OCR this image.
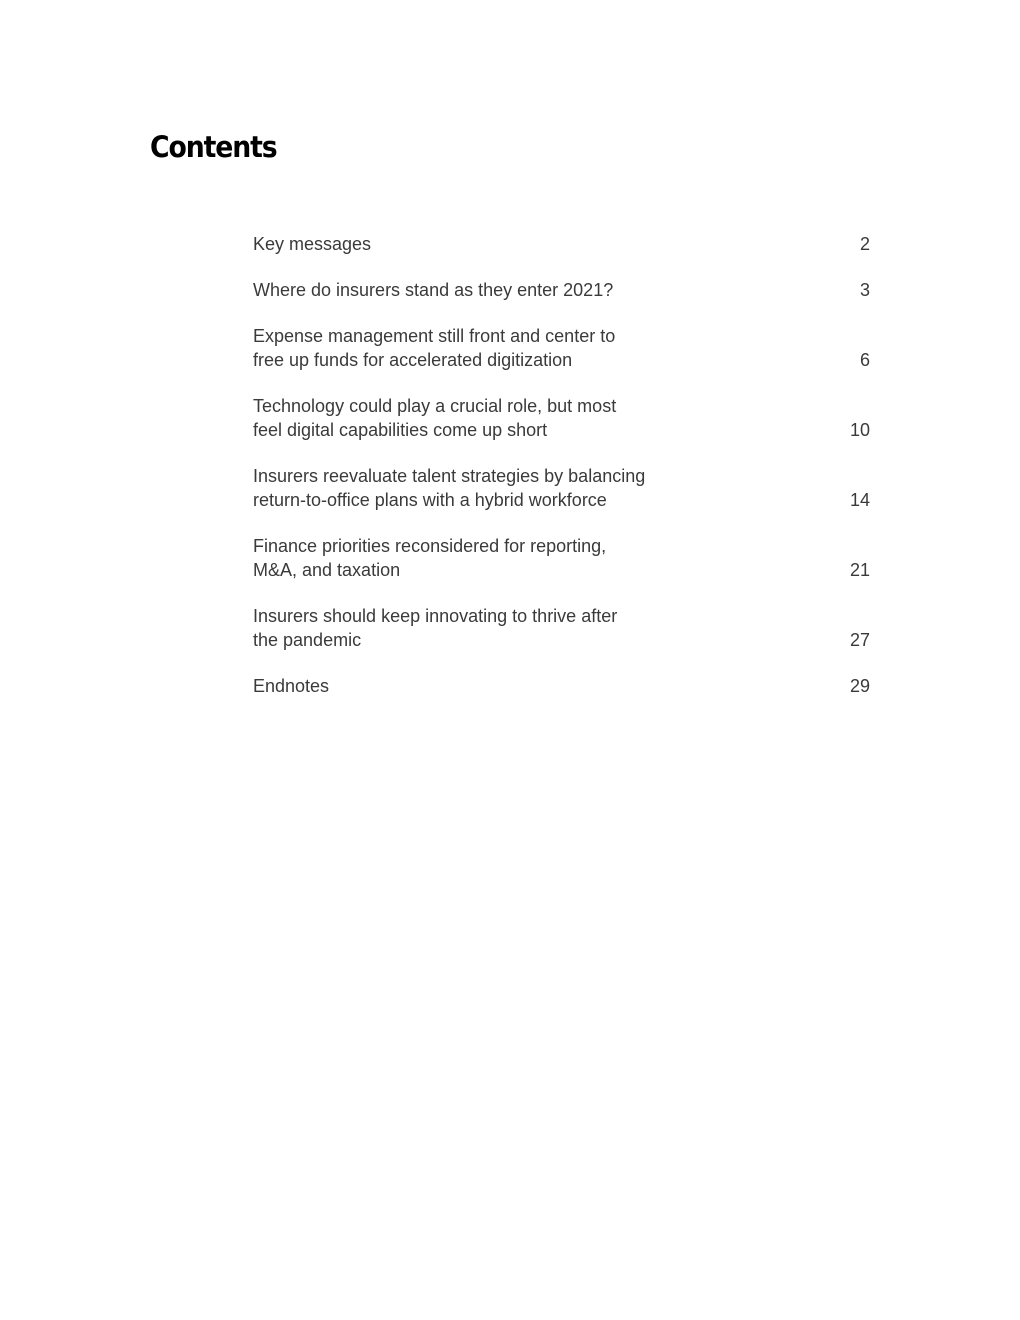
Contents
Key messages	2
Where do insurers stand as they enter 2021?	3
Expense management still front and center to
free up funds for accelerated digitization	6
Technology could play a crucial role, but most
feel digital capabilities come up short	10
Insurers reevaluate talent strategies by balancing
return-to-office plans with a hybrid workforce	14
Finance priorities reconsidered for reporting,
M&A, and taxation	21
Insurers should keep innovating to thrive after
the pandemic	27
Endnotes	29
